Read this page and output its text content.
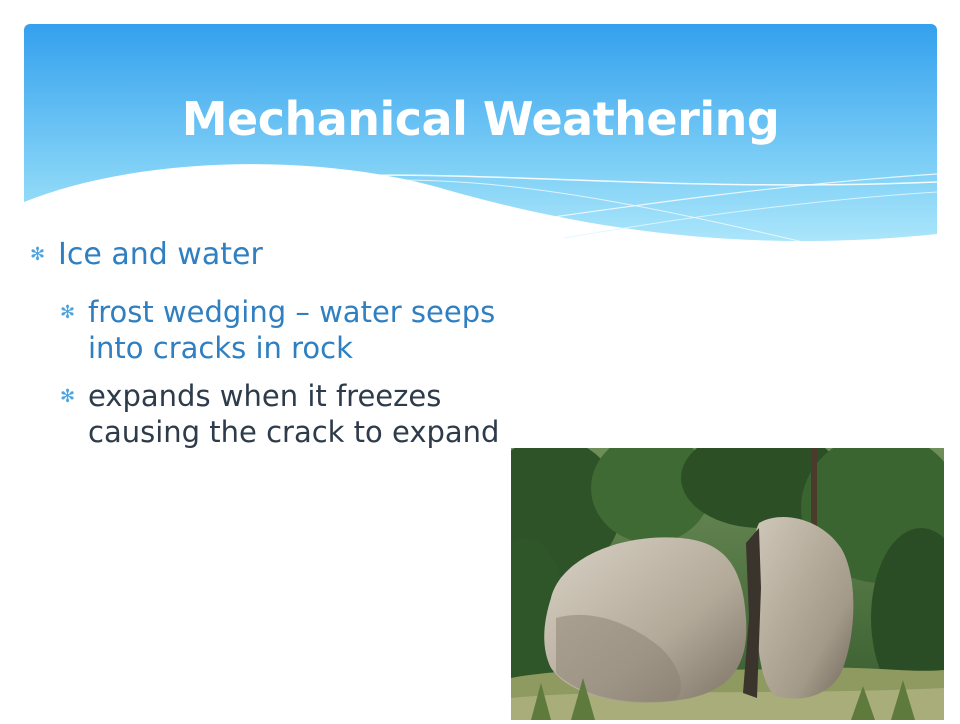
Mechanical Weathering
✻ Ice and water
✻ frost wedging – water seeps into cracks in rock
✻ expands when it freezes causing the crack to expand
